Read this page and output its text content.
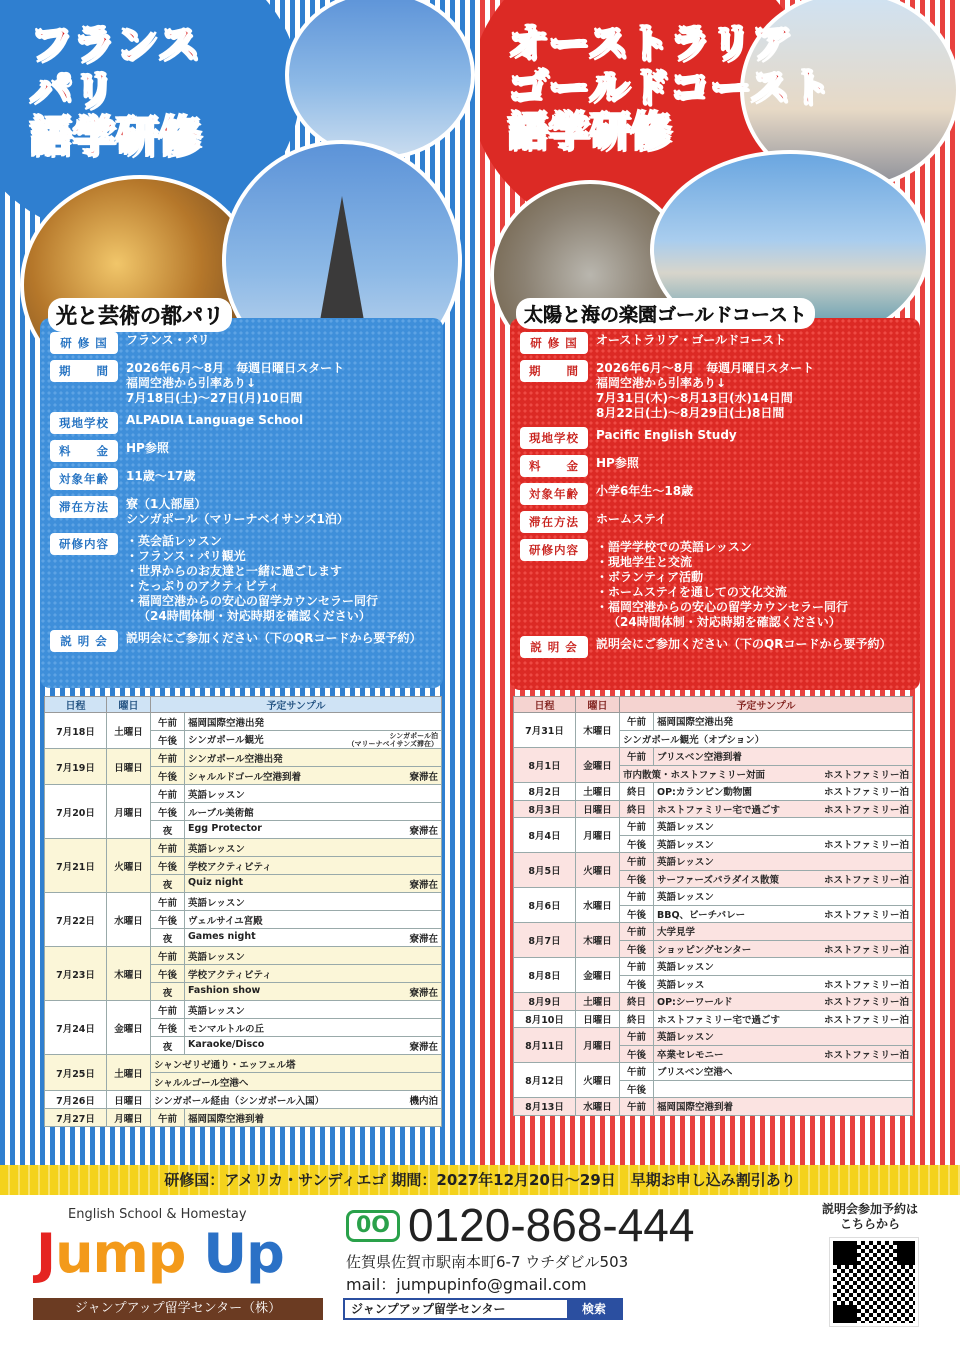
フランス
パリ
語学研修
オーストラリア
ゴールドコースト
語学研修
研 修 国	フランス・パリ
期　　間	2026年6月～8月　毎週日曜日スタート
福岡空港から引率あり↓
7月18日(土)～27日(月)10日間
現地学校	ALPADIA Language School
料　　金	HP参照
対象年齢	11歳～17歳
滞在方法	寮（1人部屋）
シンガポール（マリーナベイサンズ1泊）
研修内容	・ 英会話レッスン
・ フランス・パリ観光
・ 世界からのお友達と一緒に過ごします
・ たっぷりのアクティビティ
・ 福岡空港からの安心の留学カウンセラー同行
（24時間体制・対応時期を確認ください）
説 明 会	説明会にご参加ください（下のQRコードから要予約）
光と芸術の都パリ
研 修 国	オーストラリア・ゴールドコースト
期　　間	2026年6月～8月　毎週月曜日スタート
福岡空港から引率あり↓
7月31日(木)～8月13日(水)14日間
8月22日(土)～8月29日(土)8日間
現地学校	Pacific English Study
料　　金	HP参照
対象年齢	小学6年生～18歳
滞在方法	ホームステイ
研修内容	・ 語学学校での英語レッスン
・ 現地学生と交流
・ ボランティア活動
・ ホームステイを通しての文化交流
・ 福岡空港からの安心の留学カウンセラー同行
（24時間体制・対応時期を確認ください）
説 明 会	説明会にご参加ください（下のQRコードから要予約）
太陽と海の楽園ゴールドコースト
日程	曜日	予定サンプル	
7月18日	土曜日	午前	福岡国際空港出発
		午後	シンガポール観光 シンガポール泊
（マリーナベイサンズ滞在）

7月19日	日曜日	午前	シンガポール空港出発
		午後	シャルルドゴール空港到着 寮滞在

7月20日	月曜日	午前	英語レッスン
		午後	ルーブル美術館
		夜	Egg Protector 寮滞在

7月21日	火曜日	午前	英語レッスン
		午後	学校アクティビティ
		夜	Quiz night 寮滞在

7月22日	水曜日	午前	英語レッスン
		午後	ヴェルサイユ宮殿
		夜	Games night 寮滞在

7月23日	木曜日	午前	英語レッスン
		午後	学校アクティビティ
		夜	Fashion show 寮滞在

7月24日	金曜日	午前	英語レッスン
		午後	モンマルトルの丘
		夜	Karaoke/Disco 寮滞在

7月25日	土曜日	シャンゼリゼ通り・エッフェル塔	
		シャルルゴール空港へ	
7月26日	日曜日	シンガポール経由（シンガポール入国） 機内泊	

7月27日	月曜日	午前	福岡国際空港到着
日程	曜日	予定サンプル	
7月31日	木曜日	午前	福岡国際空港出発
		シンガポール観光（オプション）	
8月1日	金曜日	午前	ブリスベン空港到着
		市内散策・ホストファミリー対面 ホストファミリー泊	

8月2日	土曜日	終日	OP:カランビン動物園 ホストファミリー泊

8月3日	日曜日	終日	ホストファミリー宅で過ごす ホストファミリー泊

8月4日	月曜日	午前	英語レッスン
		午後	英語レッスン ホストファミリー泊

8月5日	火曜日	午前	英語レッスン
		午後	サーファーズパラダイス散策 ホストファミリー泊

8月6日	水曜日	午前	英語レッスン
		午後	BBQ、ビーチバレー ホストファミリー泊

8月7日	木曜日	午前	大学見学
		午後	ショッピングセンター ホストファミリー泊

8月8日	金曜日	午前	英語レッスン
		午後	英語レッス ホストファミリー泊

8月9日	土曜日	終日	OP:シーワールド ホストファミリー泊

8月10日	日曜日	終日	ホストファミリー宅で過ごす ホストファミリー泊

8月11日	月曜日	午前	英語レッスン
		午後	卒業セレモニー ホストファミリー泊

8月12日	火曜日	午前	ブリスベン空港へ
		午後	
8月13日	水曜日	午前	福岡国際空港到着
研修国：アメリカ・サンディエゴ 期間：2027年12月20日～29日　早期お申し込み割引あり
English School & Homestay
Jump Up
ジャンプアップ留学センター（株）
0O 0120-868-444
佐賀県佐賀市駅南本町6-7 ウチダビル503
mail：jumpupinfo@gmail.com
ジャンプアップ留学センター	検索
説明会参加予約は
こちらから
